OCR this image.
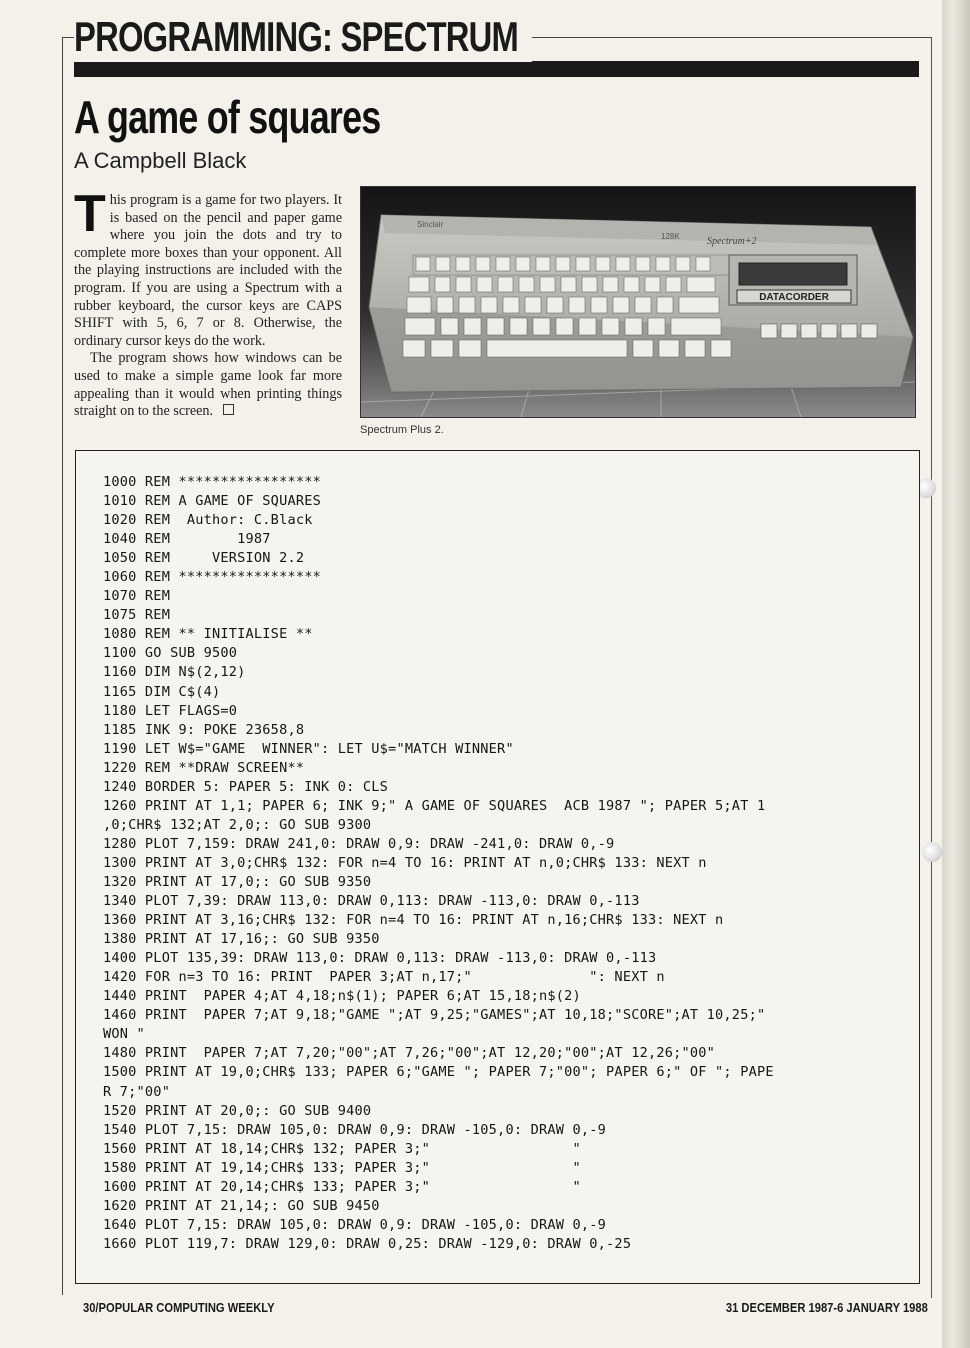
PROGRAMMING: SPECTRUM
A game of squares
A Campbell Black

This program is a game for two players. It is based on the pencil and paper game where you join the dots and try to complete more boxes than your opponent. All the playing instructions are included with the program. If you are using a Spectrum with a rubber keyboard, the cursor keys are CAPS SHIFT with 5, 6, 7 or 8. Otherwise, the ordinary cursor keys do the work.

The program shows how windows can be used to make a simple game look far more appealing than it would when printing things straight on to the screen.

DATACORDER
Sinclair
128K	Spectrum+2
Spectrum Plus 2.
1000 REM *****************
1010 REM A GAME OF SQUARES
1020 REM  Author: C.Black
1040 REM        1987
1050 REM     VERSION 2.2
1060 REM *****************
1070 REM
1075 REM
1080 REM ** INITIALISE **
1100 GO SUB 9500
1160 DIM N$(2,12)
1165 DIM C$(4)
1180 LET FLAGS=0
1185 INK 9: POKE 23658,8
1190 LET W$="GAME  WINNER": LET U$="MATCH WINNER"
1220 REM **DRAW SCREEN**
1240 BORDER 5: PAPER 5: INK 0: CLS
1260 PRINT AT 1,1; PAPER 6; INK 9;" A GAME OF SQUARES  ACB 1987 "; PAPER 5;AT 1
,0;CHR$ 132;AT 2,0;: GO SUB 9300
1280 PLOT 7,159: DRAW 241,0: DRAW 0,9: DRAW -241,0: DRAW 0,-9
1300 PRINT AT 3,0;CHR$ 132: FOR n=4 TO 16: PRINT AT n,0;CHR$ 133: NEXT n
1320 PRINT AT 17,0;: GO SUB 9350
1340 PLOT 7,39: DRAW 113,0: DRAW 0,113: DRAW -113,0: DRAW 0,-113
1360 PRINT AT 3,16;CHR$ 132: FOR n=4 TO 16: PRINT AT n,16;CHR$ 133: NEXT n
1380 PRINT AT 17,16;: GO SUB 9350
1400 PLOT 135,39: DRAW 113,0: DRAW 0,113: DRAW -113,0: DRAW 0,-113
1420 FOR n=3 TO 16: PRINT  PAPER 3;AT n,17;"              ": NEXT n
1440 PRINT  PAPER 4;AT 4,18;n$(1); PAPER 6;AT 15,18;n$(2)
1460 PRINT  PAPER 7;AT 9,18;"GAME ";AT 9,25;"GAMES";AT 10,18;"SCORE";AT 10,25;"
WON "
1480 PRINT  PAPER 7;AT 7,20;"00";AT 7,26;"00";AT 12,20;"00";AT 12,26;"00"
1500 PRINT AT 19,0;CHR$ 133; PAPER 6;"GAME "; PAPER 7;"00"; PAPER 6;" OF "; PAPE
R 7;"00"
1520 PRINT AT 20,0;: GO SUB 9400
1540 PLOT 7,15: DRAW 105,0: DRAW 0,9: DRAW -105,0: DRAW 0,-9
1560 PRINT AT 18,14;CHR$ 132; PAPER 3;"                 "
1580 PRINT AT 19,14;CHR$ 133; PAPER 3;"                 "
1600 PRINT AT 20,14;CHR$ 133; PAPER 3;"                 "
1620 PRINT AT 21,14;: GO SUB 9450
1640 PLOT 7,15: DRAW 105,0: DRAW 0,9: DRAW -105,0: DRAW 0,-9
1660 PLOT 119,7: DRAW 129,0: DRAW 0,25: DRAW -129,0: DRAW 0,-25
30/POPULAR COMPUTING WEEKLY	31 DECEMBER 1987-6 JANUARY 1988
